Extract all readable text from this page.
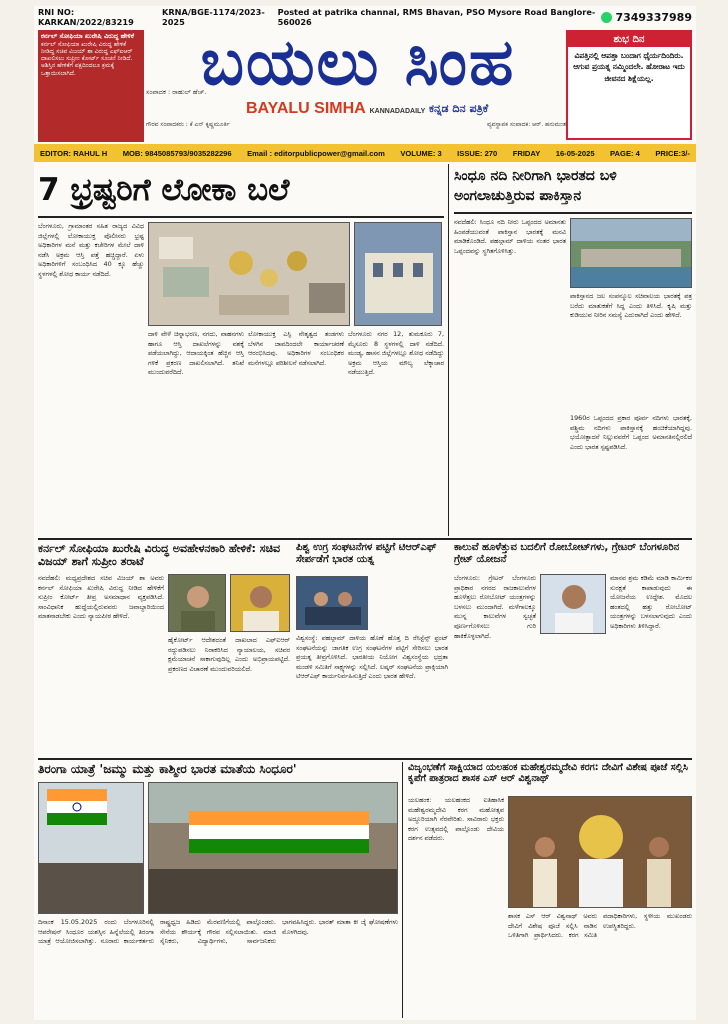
RNI NO: KARKAN/2022/83219
KRNA/BGE-1174/2023-2025
Posted at patrika channal, RMS Bhavan, PSO Mysore Road Banglore-560026	7349337989
ಕರ್ನಲ್ ಸೋಫಿಯಾ ಖುರೇಷಿ ವಿರುದ್ಧ ಹೇಳಿಕೆ
ಕರ್ನಲ್ ಸೋಫಿಯಾ ಖುರೇಷಿ ವಿರುದ್ಧ ಹೇಳಿಕೆ ನೀಡಿದ್ದ ಸಚಿವ ವಿಜಯ್ ಶಾ ವಿರುದ್ಧ ಎಫ್‌ಐಆರ್ ದಾಖಲಿಸಲು ಸುಪ್ರೀಂ ಕೋರ್ಟ್ ಸೂಚನೆ ನೀಡಿದೆ. ಅಶಿಸ್ತಿನ ಹೇಳಿಕೆಗೆ ಪಕ್ಷದಿಂದಲೂ ಕ್ರಮಕ್ಕೆ ಒತ್ತಾಯಿಸಲಾಗಿದೆ.	ಬಯಲು ಸಿಂಹ
ಸಂಪಾದಕ : ರಾಹುಲ್ ಹೆಚ್.
BAYALU SIMHA KANNADADAILY ಕನ್ನಡ ದಿನ ಪತ್ರಿಕೆ
ಗೌರವ ಸಂಪಾದಕರು : ಕೆ ಎನ್ ಕೃಷ್ಣಮೂರ್ತಿ	ವ್ಯವಸ್ಥಾಪಕ ಸಂಪಾದಕ: ಆರ್. ಹನುಮಂತ
ಶುಭ ದಿನ
ವಿಪತ್ತಿನಲ್ಲಿ ಆಪತ್ತಾ ಬಂದಾಗ ಧೈರ್ಯದಿಂದಿರು. ಆಗುವ ಪ್ರಯತ್ನ ನಮ್ಮಿಂದಲೇ. ಹೋರಾಟ ಇದು ಜೀವನದ ಶಿಕ್ಷೆಯಲ್ಲ.
EDITOR: RAHUL H MOB: 9845085793/9035282296 Email : editorpublicpower@gmail.com VOLUME: 3 ISSUE: 270 FRIDAY 16-05-2025 PAGE: 4 PRICE:3/-
7 ಭ್ರಷ್ಟರಿಗೆ ಲೋಕಾ ಬಲೆ
ಬೆಂಗಳೂರು, ಗ್ರಾಮಾಂತರ ಸಹಿತ ರಾಜ್ಯದ ವಿವಿಧ ಜಿಲ್ಲೆಗಳಲ್ಲಿ ಲೋಕಾಯುಕ್ತ ಪೊಲೀಸರು ಭ್ರಷ್ಟ ಅಧಿಕಾರಿಗಳ ಮನೆ ಮತ್ತು ಕಚೇರಿಗಳ ಮೇಲೆ ದಾಳಿ ನಡೆಸಿ ಅಕ್ರಮ ಆಸ್ತಿ ಪತ್ತೆ ಹಚ್ಚಿದ್ದಾರೆ. ಏಳು ಅಧಿಕಾರಿಗಳಿಗೆ ಸಂಬಂಧಿಸಿದ 40 ಕ್ಕೂ ಹೆಚ್ಚು ಸ್ಥಳಗಳಲ್ಲಿ ಶೋಧ ಕಾರ್ಯ ನಡೆದಿದೆ.
ದಾಳಿ ವೇಳೆ ಚಿನ್ನಾಭರಣ, ನಗದು, ವಾಹನಗಳು ಹಾಗೂ ಆಸ್ತಿ ದಾಖಲೆಗಳನ್ನು ವಶಕ್ಕೆ ಪಡೆಯಲಾಗಿದ್ದು, ಆದಾಯಕ್ಕಿಂತ ಹೆಚ್ಚಿನ ಆಸ್ತಿ ಗಳಿಕೆ ಪ್ರಕರಣ ದಾಖಲಿಸಲಾಗಿದೆ. ತನಿಖೆ ಮುಂದುವರೆದಿದೆ.
ಲೋಕಾಯುಕ್ತ ಎಸ್ಪಿ ನೇತೃತ್ವದ ತಂಡಗಳು ಬೆಳಗಿನ ಜಾವದಿಂದಲೇ ಕಾರ್ಯಾಚರಣೆ ಆರಂಭಿಸಿದವು. ಅಧಿಕಾರಿಗಳ ಸಂಬಂಧಿಕರ ಮನೆಗಳಲ್ಲೂ ಪರಿಶೀಲನೆ ನಡೆಸಲಾಗಿದೆ.
ಬೆಂಗಳೂರು ನಗರ 12, ತುಮಕೂರು 7, ಮೈಸೂರು 8 ಸ್ಥಳಗಳಲ್ಲಿ ದಾಳಿ ನಡೆದಿದೆ. ಮಂಡ್ಯ, ಹಾಸನ ಜಿಲ್ಲೆಗಳಲ್ಲೂ ಶೋಧ ನಡೆದಿದ್ದು ಅಕ್ರಮ ಆಸ್ತಿಯ ಮೌಲ್ಯ ಲೆಕ್ಕಾಚಾರ ನಡೆಯುತ್ತಿದೆ.
ಸಿಂಧೂ ನದಿ ನೀರಿಗಾಗಿ ಭಾರತದ ಬಳಿ ಅಂಗಲಾಚುತ್ತಿರುವ ಪಾಕಿಸ್ತಾನ
ನವದೆಹಲಿ: ಸಿಂಧೂ ನದಿ ನೀರು ಒಪ್ಪಂದದ ಅಮಾನತು ಹಿಂಪಡೆಯುವಂತೆ ಪಾಕಿಸ್ತಾನ ಭಾರತಕ್ಕೆ ಮನವಿ ಮಾಡಿಕೊಂಡಿದೆ. ಪಹಲ್ಗಾಮ್ ದಾಳಿಯ ನಂತರ ಭಾರತ ಒಪ್ಪಂದವನ್ನು ಸ್ಥಗಿತಗೊಳಿಸಿತ್ತು.
ಪಾಕಿಸ್ತಾನದ ಜಲ ಸಂಪನ್ಮೂಲ ಸಚಿವಾಲಯ ಭಾರತಕ್ಕೆ ಪತ್ರ ಬರೆದು ಮಾತುಕತೆಗೆ ಸಿದ್ಧ ಎಂದು ತಿಳಿಸಿದೆ. ಕೃಷಿ ಮತ್ತು ಕುಡಿಯುವ ನೀರಿನ ಸಮಸ್ಯೆ ಎದುರಾಗಿದೆ ಎಂದು ಹೇಳಿದೆ.
1960ರ ಒಪ್ಪಂದದ ಪ್ರಕಾರ ಪೂರ್ವ ನದಿಗಳು ಭಾರತಕ್ಕೆ, ಪಶ್ಚಿಮ ನದಿಗಳು ಪಾಕಿಸ್ತಾನಕ್ಕೆ ಹಂಚಿಕೆಯಾಗಿದ್ದವು. ಭಯೋತ್ಪಾದನೆ ನಿಲ್ಲುವವರೆಗೆ ಒಪ್ಪಂದ ಅಮಾನತಿನಲ್ಲಿರಲಿದೆ ಎಂದು ಭಾರತ ಸ್ಪಷ್ಟಪಡಿಸಿದೆ.
ಕರ್ನಲ್ ಸೋಫಿಯಾ ಖುರೇಷಿ ವಿರುದ್ಧ ಅವಹೇಳನಕಾರಿ ಹೇಳಿಕೆ: ಸಚಿವ ವಿಜಯ್ ಶಾಗೆ ಸುಪ್ರೀಂ ತರಾಟೆ
ನವದೆಹಲಿ: ಮಧ್ಯಪ್ರದೇಶದ ಸಚಿವ ವಿಜಯ್ ಶಾ ಅವರು ಕರ್ನಲ್ ಸೋಫಿಯಾ ಖುರೇಷಿ ವಿರುದ್ಧ ನೀಡಿದ ಹೇಳಿಕೆಗೆ ಸುಪ್ರೀಂ ಕೋರ್ಟ್ ತೀವ್ರ ಅಸಮಾಧಾನ ವ್ಯಕ್ತಪಡಿಸಿದೆ. ಸಾಂವಿಧಾನಿಕ ಹುದ್ದೆಯಲ್ಲಿರುವವರು ಜವಾಬ್ದಾರಿಯಿಂದ ಮಾತನಾಡಬೇಕು ಎಂದು ನ್ಯಾಯಪೀಠ ಹೇಳಿದೆ.
ಹೈಕೋರ್ಟ್ ಆದೇಶದಂತೆ ದಾಖಲಾದ ಎಫ್‌ಐಆರ್ ರದ್ದುಪಡಿಸಲು ನಿರಾಕರಿಸಿದ ನ್ಯಾಯಾಲಯ, ಸಚಿವರ ಕ್ಷಮೆಯಾಚನೆ ಸಾಕಾಗುವುದಿಲ್ಲ ಎಂದು ಅಭಿಪ್ರಾಯಪಟ್ಟಿದೆ. ಪ್ರಕರಣದ ವಿಚಾರಣೆ ಮುಂದುವರಿಯಲಿದೆ.
ಪಿಶ್ವ ಉಗ್ರ ಸಂಘಟನೆಗಳ ಪಟ್ಟಿಗೆ ಟಿಆರ್‌ಎಫ್ ಸೇರ್ಪಡೆಗೆ ಭಾರತ ಯತ್ನ
ವಿಶ್ವಸಂಸ್ಥೆ: ಪಹಲ್ಗಾಮ್ ದಾಳಿಯ ಹೊಣೆ ಹೊತ್ತ ದಿ ರೆಸಿಸ್ಟೆನ್ಸ್ ಫ್ರಂಟ್ ಸಂಘಟನೆಯನ್ನು ಜಾಗತಿಕ ಉಗ್ರ ಸಂಘಟನೆಗಳ ಪಟ್ಟಿಗೆ ಸೇರಿಸಲು ಭಾರತ ಪ್ರಯತ್ನ ತೀವ್ರಗೊಳಿಸಿದೆ. ಭಾರತೀಯ ನಿಯೋಗ ವಿಶ್ವಸಂಸ್ಥೆಯ ಭದ್ರತಾ ಮಂಡಳಿ ಸಮಿತಿಗೆ ಸಾಕ್ಷ್ಯಗಳನ್ನು ಸಲ್ಲಿಸಿದೆ. ಲಷ್ಕರ್ ಸಂಘಟನೆಯ ಪ್ರಾಕ್ಸಿಯಾಗಿ ಟಿಆರ್‌ಎಫ್ ಕಾರ್ಯನಿರ್ವಹಿಸುತ್ತಿದೆ ಎಂದು ಭಾರತ ಹೇಳಿದೆ.
ಕಾಲುವೆ ಹೂಳೆತ್ತುವ ಬದಲಿಗೆ ರೋಬೋಟ್‌ಗಳು, ಗ್ರೇಟರ್ ಬೆಂಗಳೂರಿನ ಗ್ರೇಟ್ ಯೋಜನೆ
ಬೆಂಗಳೂರು: ಗ್ರೇಟರ್ ಬೆಂಗಳೂರು ಪ್ರಾಧಿಕಾರ ನಗರದ ರಾಜಕಾಲುವೆಗಳ ಹೂಳೆತ್ತಲು ರೋಬೋಟ್ ಯಂತ್ರಗಳನ್ನು ಬಳಸಲು ಮುಂದಾಗಿದೆ. ಮಳೆಗಾಲಕ್ಕೂ ಮುನ್ನ ಕಾಲುವೆಗಳ ಸ್ವಚ್ಛತೆ ಪೂರ್ಣಗೊಳಿಸಲು ಗುರಿ ಹಾಕಿಕೊಳ್ಳಲಾಗಿದೆ.
ಮಾನವ ಶ್ರಮ ಕಡಿಮೆ ಮಾಡಿ ಕಾರ್ಮಿಕರ ಸುರಕ್ಷತೆ ಕಾಪಾಡುವುದು ಈ ಯೋಜನೆಯ ಉದ್ದೇಶ. ಮೊದಲ ಹಂತದಲ್ಲಿ ಹತ್ತು ರೋಬೋಟ್ ಯಂತ್ರಗಳನ್ನು ಬಳಸಲಾಗುವುದು ಎಂದು ಅಧಿಕಾರಿಗಳು ತಿಳಿಸಿದ್ದಾರೆ.
ತಿರಂಗಾ ಯಾತ್ರೆ 'ಜಮ್ಮು ಮತ್ತು ಕಾಶ್ಮೀರ ಭಾರತ ಮಾತೆಯ ಸಿಂಧೂರ'
ದಿನಾಂಕ 15.05.2025 ರಂದು ಬೆಂಗಳೂರಿನಲ್ಲಿ ಆಪರೇಷನ್ ಸಿಂಧೂರ ಯಶಸ್ಸಿನ ಹಿನ್ನೆಲೆಯಲ್ಲಿ ತಿರಂಗಾ ಯಾತ್ರೆ ಆಯೋಜಿಸಲಾಗಿತ್ತು. ನೂರಾರು ಕಾರ್ಯಕರ್ತರು ರಾಷ್ಟ್ರಧ್ವಜ ಹಿಡಿದು ಮೆರವಣಿಗೆಯಲ್ಲಿ ಪಾಲ್ಗೊಂಡರು. ಸೇನೆಯ ಶೌರ್ಯಕ್ಕೆ ಗೌರವ ಸಲ್ಲಿಸಲಾಯಿತು. ಮಾಜಿ ಸೈನಿಕರು, ವಿದ್ಯಾರ್ಥಿಗಳು, ಸಾರ್ವಜನಿಕರು ಭಾಗವಹಿಸಿದ್ದರು. ಭಾರತ್ ಮಾತಾ ಕೀ ಜೈ ಘೋಷಣೆಗಳು ಮೊಳಗಿದವು.
ವಿಜೃಂಭಣೆಗೆ ಸಾಕ್ಷಿಯಾದ ಯಲಹಂಕ ಮಹೇಶ್ವರಮ್ಮದೇವಿ ಕರಗ: ದೇವಿಗೆ ವಿಶೇಷ ಪೂಜೆ ಸಲ್ಲಿಸಿ ಕೃಪೆಗೆ ಪಾತ್ರರಾದ ಶಾಸಕ ಎಸ್ ಆರ್ ವಿಶ್ವನಾಥ್
ಯಲಹಂಕ: ಯಲಹಂಕದ ಐತಿಹಾಸಿಕ ಮಹೇಶ್ವರಮ್ಮದೇವಿ ಕರಗ ಮಹೋತ್ಸವ ಅದ್ದೂರಿಯಾಗಿ ನೆರವೇರಿತು. ಸಾವಿರಾರು ಭಕ್ತರು ಕರಗ ಉತ್ಸವದಲ್ಲಿ ಪಾಲ್ಗೊಂಡು ದೇವಿಯ ದರ್ಶನ ಪಡೆದರು.
ಶಾಸಕ ಎಸ್ ಆರ್ ವಿಶ್ವನಾಥ್ ಅವರು ದೇವಿಗೆ ವಿಶೇಷ ಪೂಜೆ ಸಲ್ಲಿಸಿ ನಾಡಿನ ಒಳಿತಿಗಾಗಿ ಪ್ರಾರ್ಥಿಸಿದರು. ಕರಗ ಸಮಿತಿ ಪದಾಧಿಕಾರಿಗಳು, ಸ್ಥಳೀಯ ಮುಖಂಡರು ಉಪಸ್ಥಿತರಿದ್ದರು.
